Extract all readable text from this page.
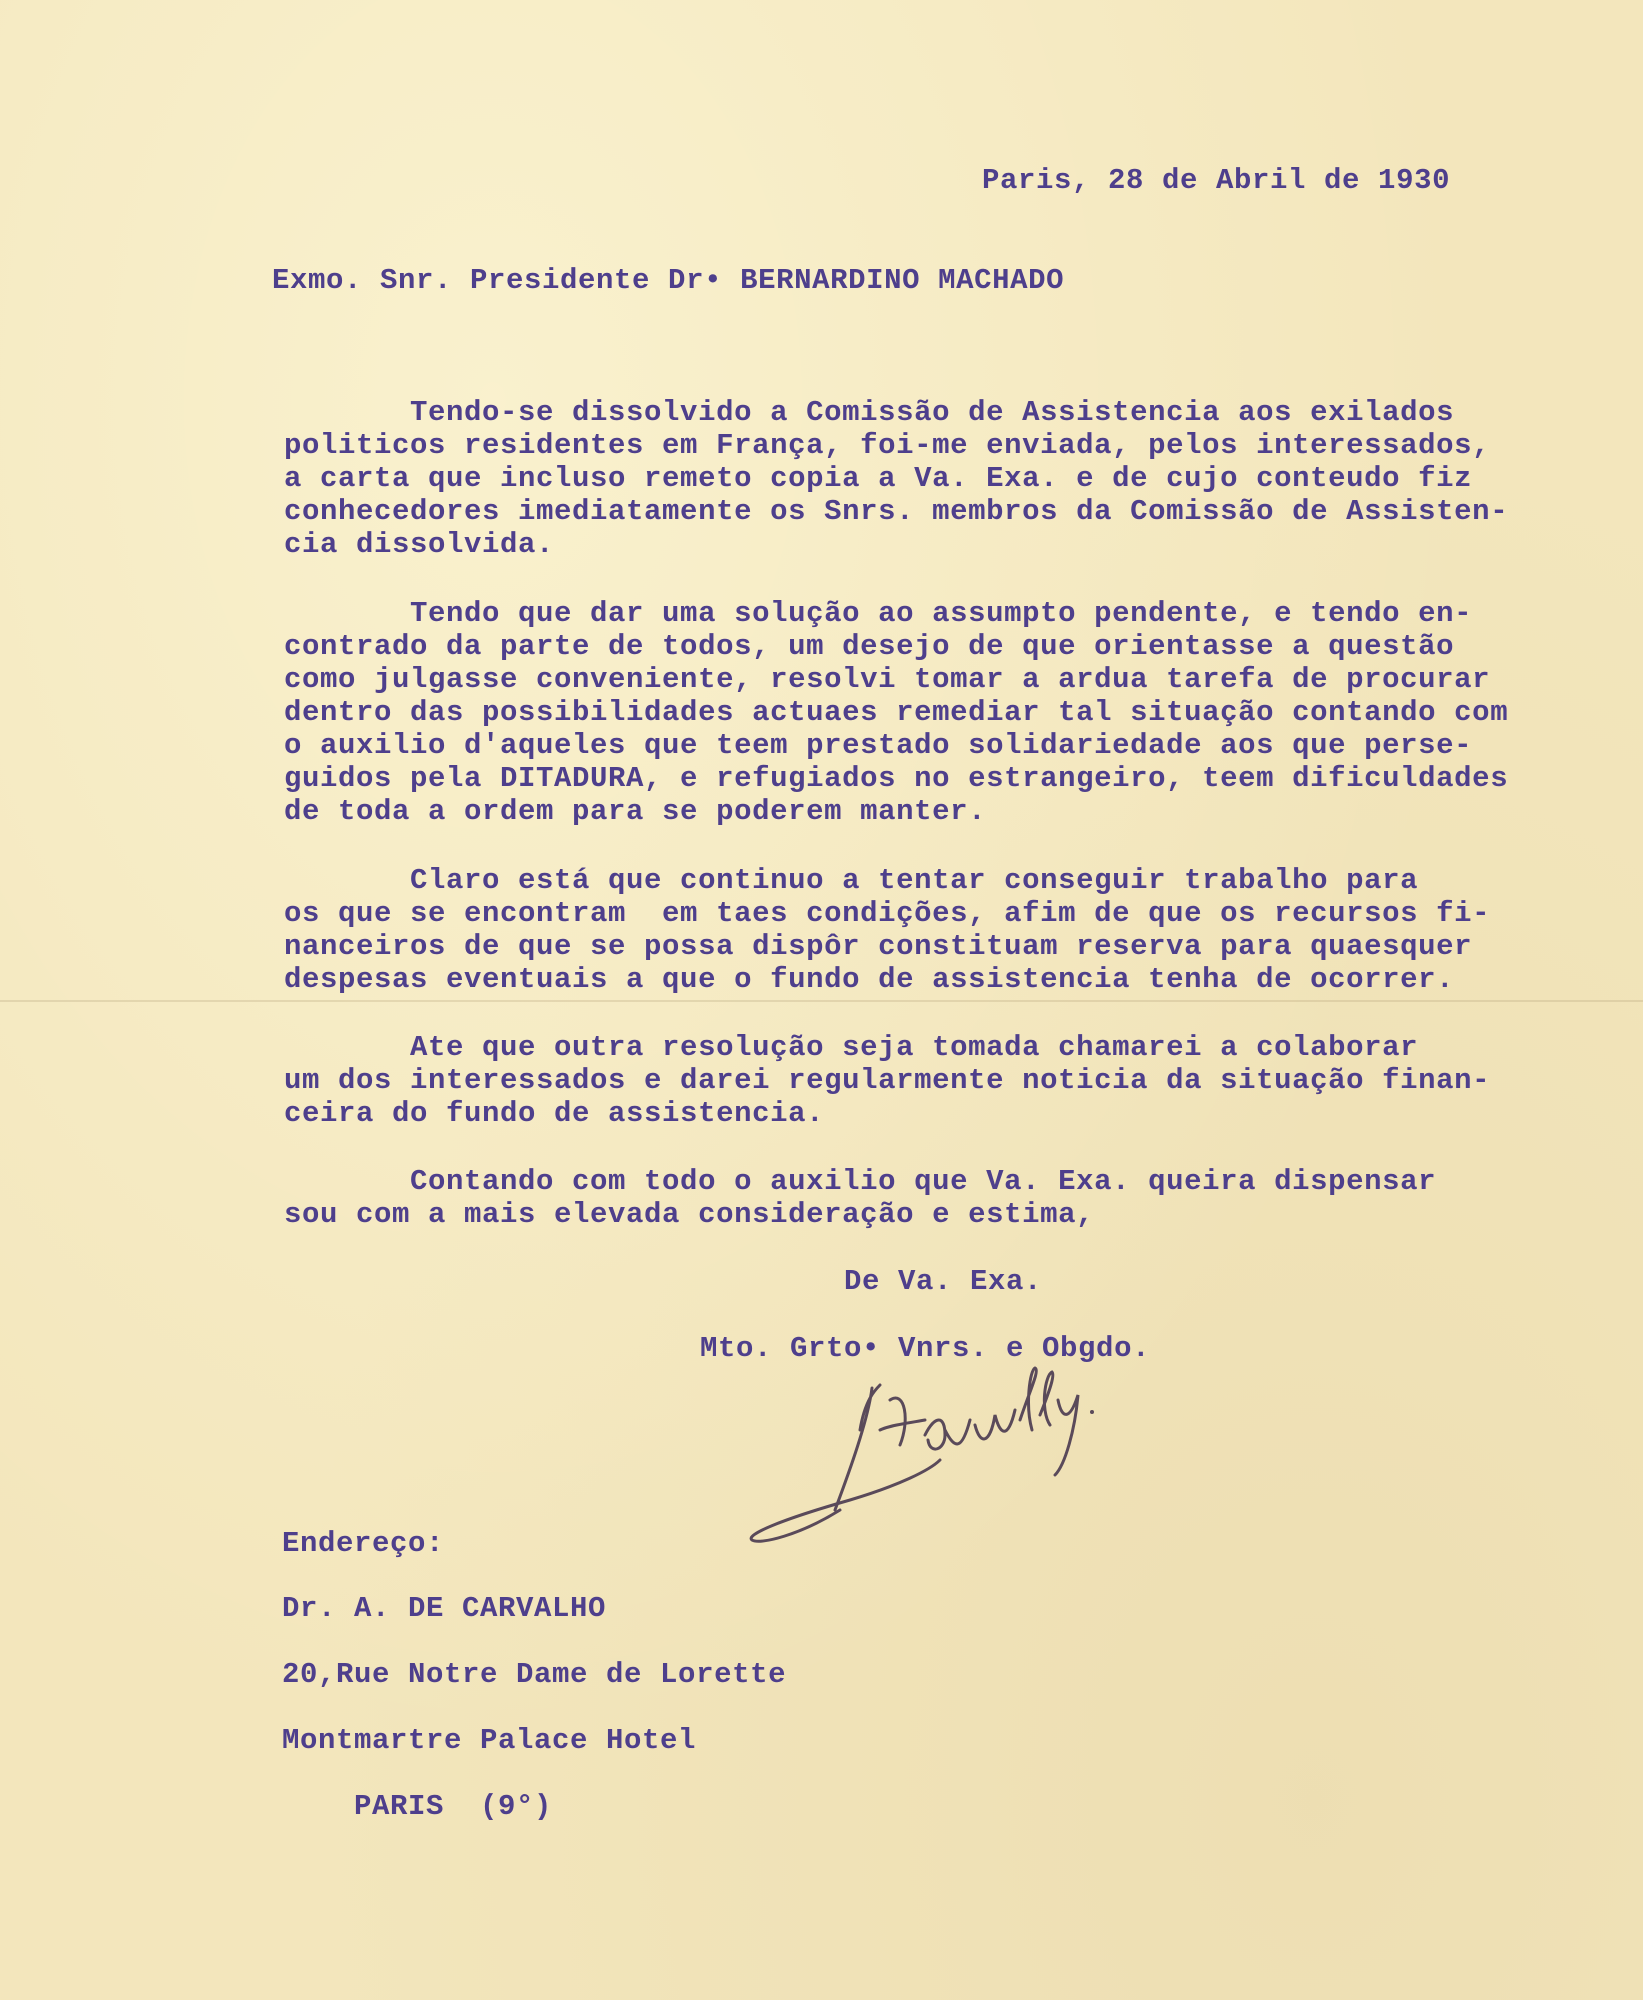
Paris, 28 de Abril de 1930
Exmo. Snr. Presidente Dr• BERNARDINO MACHADO
Tendo-se dissolvido a Comissão de Assistencia aos exilados
politicos residentes em França, foi-me enviada, pelos interessados,
a carta que incluso remeto copia a Va. Exa. e de cujo conteudo fiz
conhecedores imediatamente os Snrs. membros da Comissão de Assisten-
cia dissolvida.
Tendo que dar uma solução ao assumpto pendente, e tendo en-
contrado da parte de todos, um desejo de que orientasse a questão
como julgasse conveniente, resolvi tomar a ardua tarefa de procurar
dentro das possibilidades actuaes remediar tal situação contando com
o auxilio d'aqueles que teem prestado solidariedade aos que perse-
guidos pela DITADURA, e refugiados no estrangeiro, teem dificuldades
de toda a ordem para se poderem manter.
Claro está que continuo a tentar conseguir trabalho para
os que se encontram  em taes condições, afim de que os recursos fi-
nanceiros de que se possa dispôr constituam reserva para quaesquer
despesas eventuais a que o fundo de assistencia tenha de ocorrer.
Ate que outra resolução seja tomada chamarei a colaborar
um dos interessados e darei regularmente noticia da situação finan-
ceira do fundo de assistencia.
Contando com todo o auxilio que Va. Exa. queira dispensar
sou com a mais elevada consideração e estima,
De Va. Exa.
Mto. Grto• Vnrs. e Obgdo.
Endereço:
Dr. A. DE CARVALHO
20,Rue Notre Dame de Lorette
Montmartre Palace Hotel
PARIS  (9°)
